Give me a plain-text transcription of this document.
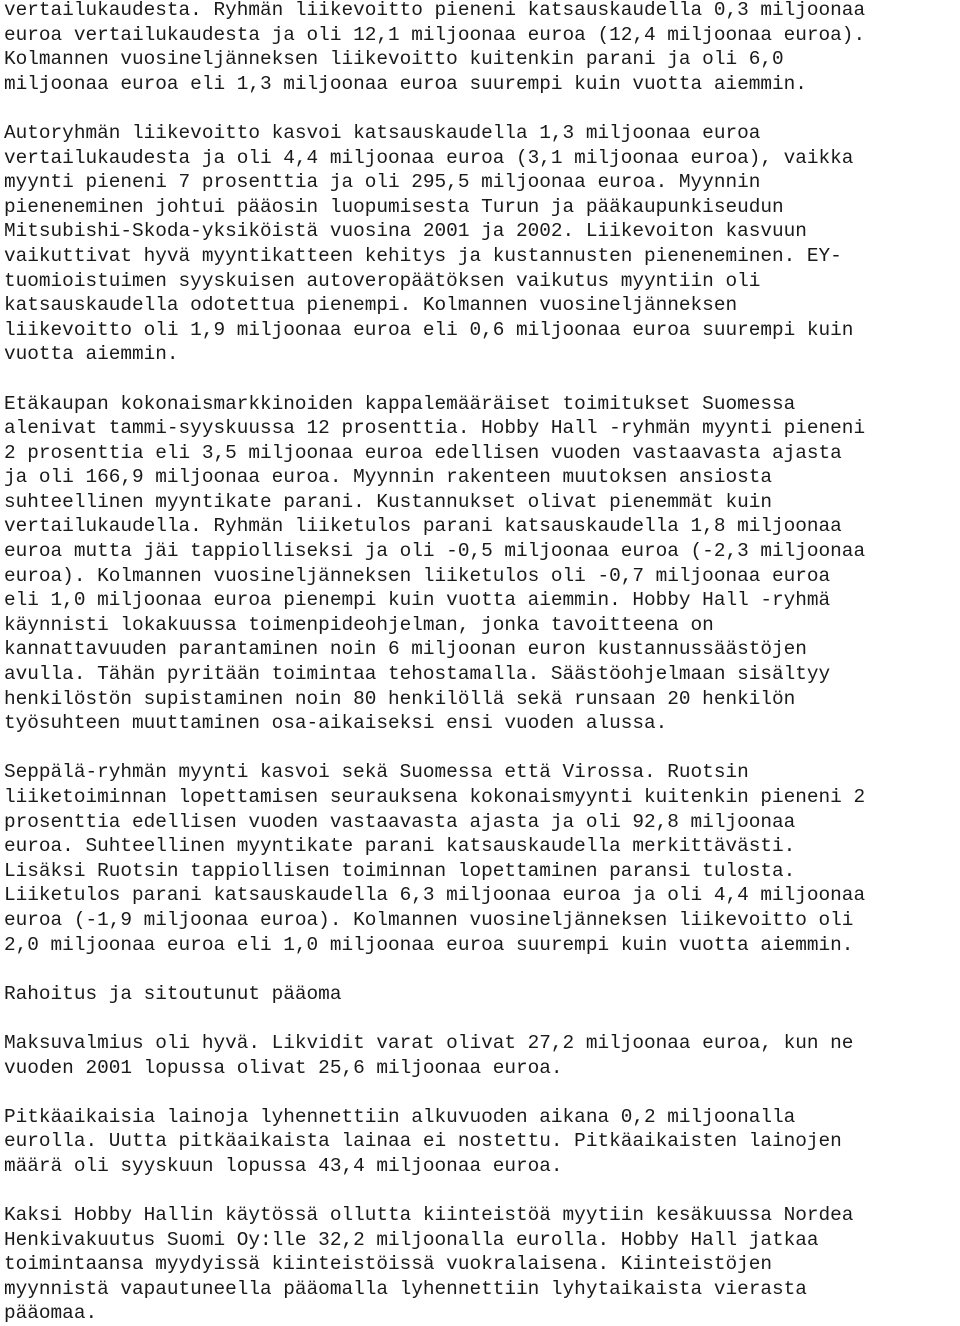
vertailukaudesta. Ryhmän liikevoitto pieneni katsauskaudella 0,3 miljoonaa
euroa vertailukaudesta ja oli 12,1 miljoonaa euroa (12,4 miljoonaa euroa).
Kolmannen vuosineljänneksen liikevoitto kuitenkin parani ja oli 6,0
miljoonaa euroa eli 1,3 miljoonaa euroa suurempi kuin vuotta aiemmin.
Autoryhmän liikevoitto kasvoi katsauskaudella 1,3 miljoonaa euroa
vertailukaudesta ja oli 4,4 miljoonaa euroa (3,1 miljoonaa euroa), vaikka
myynti pieneni 7 prosenttia ja oli 295,5 miljoonaa euroa. Myynnin
pieneneminen johtui pääosin luopumisesta Turun ja pääkaupunkiseudun
Mitsubishi-Skoda-yksiköistä vuosina 2001 ja 2002. Liikevoiton kasvuun
vaikuttivat hyvä myyntikatteen kehitys ja kustannusten pieneneminen. EY-
tuomioistuimen syyskuisen autoveropäätöksen vaikutus myyntiin oli
katsauskaudella odotettua pienempi. Kolmannen vuosineljänneksen
liikevoitto oli 1,9 miljoonaa euroa eli 0,6 miljoonaa euroa suurempi kuin
vuotta aiemmin.
Etäkaupan kokonaismarkkinoiden kappalemääräiset toimitukset Suomessa
alenivat tammi-syyskuussa 12 prosenttia. Hobby Hall -ryhmän myynti pieneni
2 prosenttia eli 3,5 miljoonaa euroa edellisen vuoden vastaavasta ajasta
ja oli 166,9 miljoonaa euroa. Myynnin rakenteen muutoksen ansiosta
suhteellinen myyntikate parani. Kustannukset olivat pienemmät kuin
vertailukaudella. Ryhmän liiketulos parani katsauskaudella 1,8 miljoonaa
euroa mutta jäi tappiolliseksi ja oli -0,5 miljoonaa euroa (-2,3 miljoonaa
euroa). Kolmannen vuosineljänneksen liiketulos oli -0,7 miljoonaa euroa
eli 1,0 miljoonaa euroa pienempi kuin vuotta aiemmin. Hobby Hall -ryhmä
käynnisti lokakuussa toimenpideohjelman, jonka tavoitteena on
kannattavuuden parantaminen noin 6 miljoonan euron kustannussäästöjen
avulla. Tähän pyritään toimintaa tehostamalla. Säästöohjelmaan sisältyy
henkilöstön supistaminen noin 80 henkilöllä sekä runsaan 20 henkilön
työsuhteen muuttaminen osa-aikaiseksi ensi vuoden alussa.
Seppälä-ryhmän myynti kasvoi sekä Suomessa että Virossa. Ruotsin
liiketoiminnan lopettamisen seurauksena kokonaismyynti kuitenkin pieneni 2
prosenttia edellisen vuoden vastaavasta ajasta ja oli 92,8 miljoonaa
euroa. Suhteellinen myyntikate parani katsauskaudella merkittävästi.
Lisäksi Ruotsin tappiollisen toiminnan lopettaminen paransi tulosta.
Liiketulos parani katsauskaudella 6,3 miljoonaa euroa ja oli 4,4 miljoonaa
euroa (-1,9 miljoonaa euroa). Kolmannen vuosineljänneksen liikevoitto oli
2,0 miljoonaa euroa eli 1,0 miljoonaa euroa suurempi kuin vuotta aiemmin.
Rahoitus ja sitoutunut pääoma
Maksuvalmius oli hyvä. Likvidit varat olivat 27,2 miljoonaa euroa, kun ne
vuoden 2001 lopussa olivat 25,6 miljoonaa euroa.
Pitkäaikaisia lainoja lyhennettiin alkuvuoden aikana 0,2 miljoonalla
eurolla. Uutta pitkäaikaista lainaa ei nostettu. Pitkäaikaisten lainojen
määrä oli syyskuun lopussa 43,4 miljoonaa euroa.
Kaksi Hobby Hallin käytössä ollutta kiinteistöä myytiin kesäkuussa Nordea
Henkivakuutus Suomi Oy:lle 32,2 miljoonalla eurolla. Hobby Hall jatkaa
toimintaansa myydyissä kiinteistöissä vuokralaisena. Kiinteistöjen
myynnistä vapautuneella pääomalla lyhennettiin lyhytaikaista vierasta
pääomaa.
